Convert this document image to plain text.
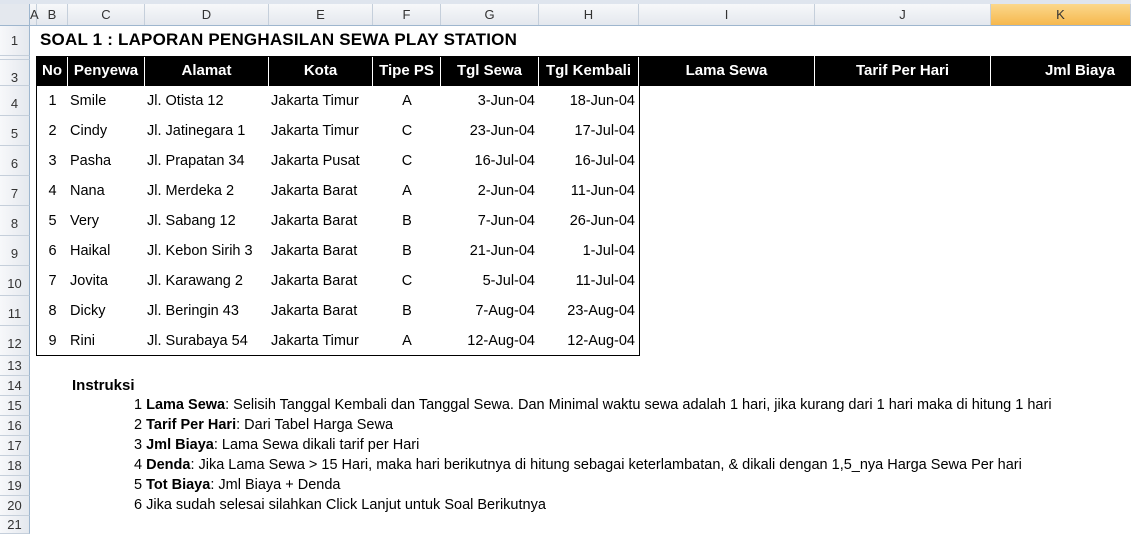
A B	C	D	E	F	G	H	I	J	K
1
3
4
5
6
7
8
9
10
11
12
13
14
15
16
17
18
19
20
21
SOAL 1 : LAPORAN PENGHASILAN SEWA PLAY STATION
No Penyewa	Alamat	Kota	Tipe PS	Tgl Sewa	Tgl Kembali	Lama Sewa	Tarif Per Hari	Jml Biaya
1 Smile	Jl. Otista 12	Jakarta Timur	A	3-Jun-04	18-Jun-04
2 Cindy	Jl. Jatinegara 1	Jakarta Timur	C	23-Jun-04	17-Jul-04
3 Pasha	Jl. Prapatan 34	Jakarta Pusat	C	16-Jul-04	16-Jul-04
4 Nana	Jl. Merdeka 2	Jakarta Barat	A	2-Jun-04	11-Jun-04
5 Very	Jl. Sabang 12	Jakarta Barat	B	7-Jun-04	26-Jun-04
6 Haikal	Jl. Kebon Sirih 3	Jakarta Barat	B	21-Jun-04	1-Jul-04
7 Jovita	Jl. Karawang 2	Jakarta Barat	C	5-Jul-04	11-Jul-04
8 Dicky	Jl. Beringin 43	Jakarta Barat	B	7-Aug-04	23-Aug-04
9 Rini	Jl. Surabaya 54	Jakarta Timur	A	12-Aug-04	12-Aug-04
Instruksi
1 Lama Sewa: Selisih Tanggal Kembali dan Tanggal Sewa. Dan Minimal waktu sewa adalah 1 hari, jika kurang dari 1 hari maka di hitung 1 hari
2 Tarif Per Hari: Dari Tabel Harga Sewa
3 Jml Biaya: Lama Sewa dikali tarif per Hari
4 Denda: Jika Lama Sewa > 15 Hari, maka hari berikutnya di hitung sebagai keterlambatan, & dikali dengan 1,5_nya Harga Sewa Per hari
5 Tot Biaya: Jml Biaya + Denda
6 Jika sudah selesai silahkan Click Lanjut untuk Soal Berikutnya
